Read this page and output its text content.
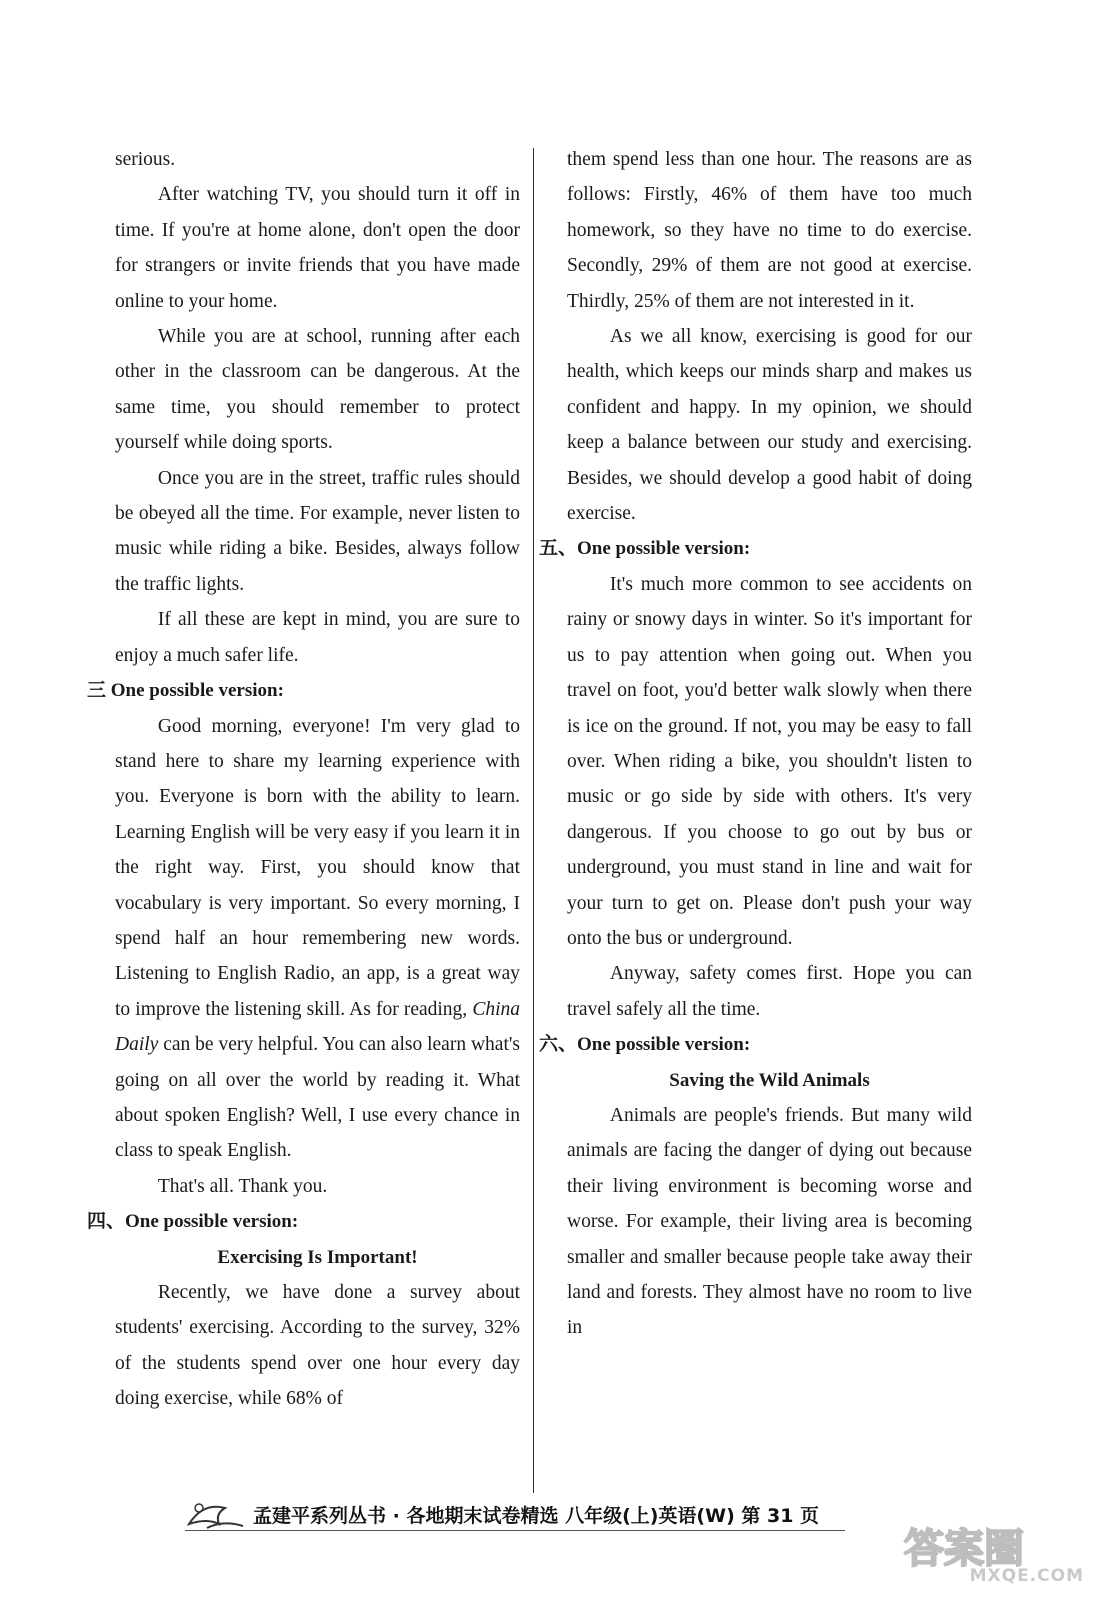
serious.

After watching TV, you should turn it off in time. If you're at home alone, don't open the door for strangers or invite friends that you have made online to your home.

While you are at school, running after each other in the classroom can be dangerous. At the same time, you should remember to protect yourself while doing sports.

Once you are in the street, traffic rules should be obeyed all the time. For example, never listen to music while riding a bike. Besides, always follow the traffic lights.

If all these are kept in mind, you are sure to enjoy a much safer life.

三 One possible version:

Good morning, everyone! I'm very glad to stand here to share my learning experience with you. Everyone is born with the ability to learn. Learning English will be very easy if you learn it in the right way. First, you should know that vocabulary is very important. So every morning, I spend half an hour remembering new words. Listening to English Radio, an app, is a great way to improve the listening skill. As for reading, China Daily can be very helpful. You can also learn what's going on all over the world by reading it. What about spoken English? Well, I use every chance in class to speak English.

That's all. Thank you.

四、One possible version:

Exercising Is Important!

Recently, we have done a survey about students' exercising. According to the survey, 32% of the students spend over one hour every day doing exercise, while 68% of

them spend less than one hour. The reasons are as follows: Firstly, 46% of them have too much homework, so they have no time to do exercise. Secondly, 29% of them are not good at exercise. Thirdly, 25% of them are not interested in it.

As we all know, exercising is good for our health, which keeps our minds sharp and makes us confident and happy. In my opinion, we should keep a balance between our study and exercising. Besides, we should develop a good habit of doing exercise.

五、One possible version:

It's much more common to see accidents on rainy or snowy days in winter. So it's important for us to pay attention when going out. When you travel on foot, you'd better walk slowly when there is ice on the ground. If not, you may be easy to fall over. When riding a bike, you shouldn't listen to music or go side by side with others. It's very dangerous. If you choose to go out by bus or underground, you must stand in line and wait for your turn to get on. Please don't push your way onto the bus or underground.

Anyway, safety comes first. Hope you can travel safely all the time.

六、One possible version:

Saving the Wild Animals

Animals are people's friends. But many wild animals are facing the danger of dying out because their living environment is becoming worse and worse. For example, their living area is becoming smaller and smaller because people take away their land and forests. They almost have no room to live in

孟建平系列丛书 · 各地期末试卷精选 八年级(上)英语(W) 第 31 页
答案圈
MXQE.COM
